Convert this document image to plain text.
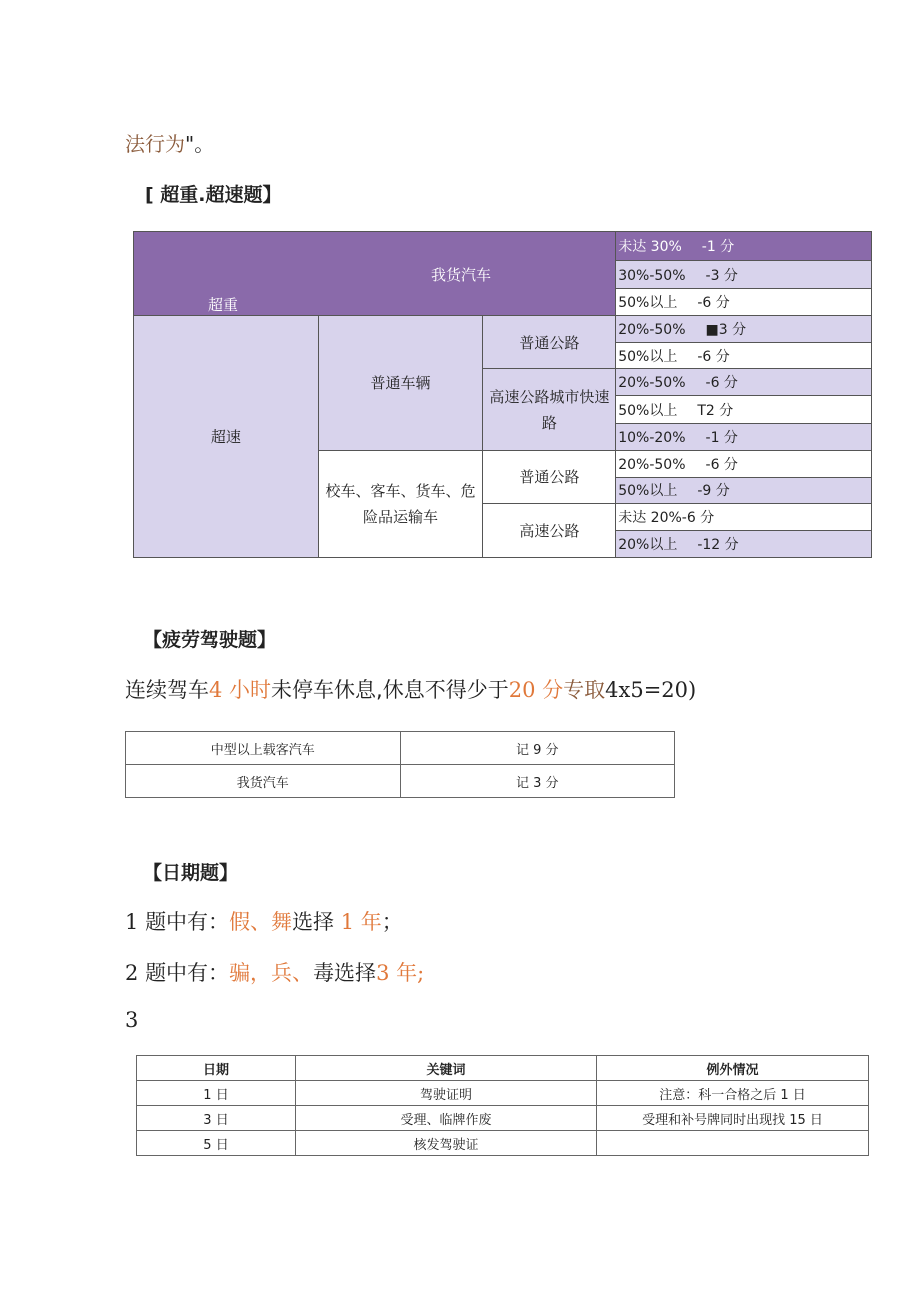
法行为"。
[ 超重.超速题】
我货汽车
超重			未达 30% -1 分
			30%-50% -3 分
			50%以上 -6 分
超速	普通车辆	普通公路	20%-50% ■3 分
			50%以上 -6 分
		高速公路城市快速路	20%-50% -6 分
			50%以上 T2 分
			10%-20% -1 分
	校车、客车、货车、危险品运输车	普通公路	20%-50% -6 分
			50%以上 -9 分
		高速公路	未达 20%-6 分
			20%以上 -12 分
【疲劳驾驶题】
连续驾车4 小时未停车休息,休息不得少于20 分专取4x5=20)
中型以上载客汽车	记 9 分
我货汽车	记 3 分
【日期题】
1 题中有：假、舞选择 1 年；
2 题中有：骗，兵、毒选择3 年;
3
日期	关键词	例外情况
1 日	驾驶证明	注意：科一合格之后 1 日
3 日	受理、临牌作废	受理和补号牌同时出现找 15 日
5 日	核发驾驶证	
